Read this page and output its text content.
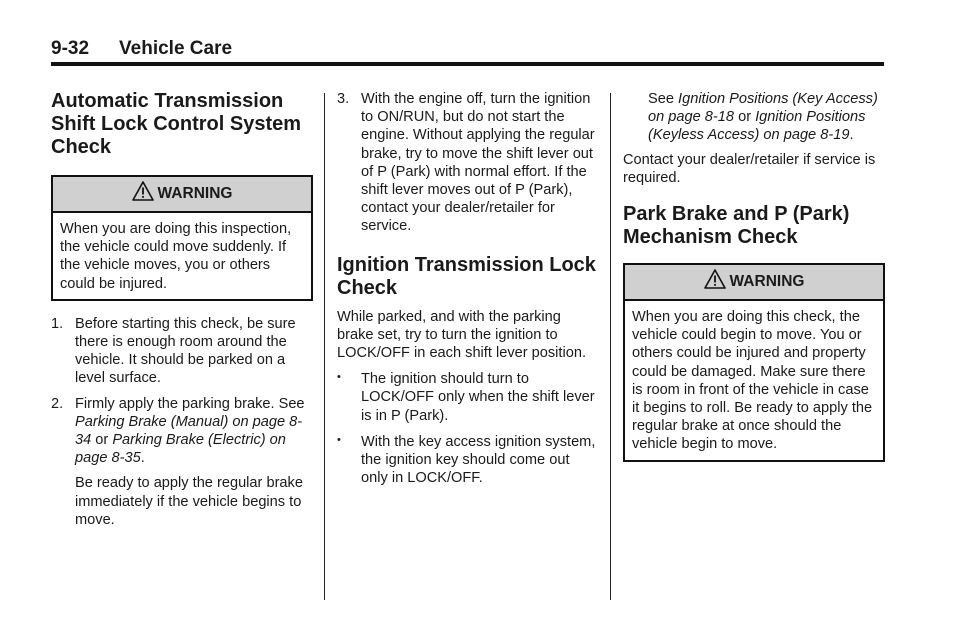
9-32 Vehicle Care
Automatic Transmission Shift Lock Control System Check
WARNING
When you are doing this inspection, the vehicle could move suddenly. If the vehicle moves, you or others could be injured.
1. Before starting this check, be sure there is enough room around the vehicle. It should be parked on a level surface.
2. Firmly apply the parking brake. See Parking Brake (Manual) on page 8-34 or Parking Brake (Electric) on page 8-35.
Be ready to apply the regular brake immediately if the vehicle begins to move.
3. With the engine off, turn the ignition to ON/RUN, but do not start the engine. Without applying the regular brake, try to move the shift lever out of P (Park) with normal effort. If the shift lever moves out of P (Park), contact your dealer/retailer for service.
Ignition Transmission Lock Check

While parked, and with the parking brake set, try to turn the ignition to LOCK/OFF in each shift lever position.

• The ignition should turn to LOCK/OFF only when the shift lever is in P (Park).
• With the key access ignition system, the ignition key should come out only in LOCK/OFF.
See Ignition Positions (Key Access) on page 8-18 or Ignition Positions (Keyless Access) on page 8-19.

Contact your dealer/retailer if service is required.

Park Brake and P (Park) Mechanism Check
WARNING
When you are doing this check, the vehicle could begin to move. You or others could be injured and property could be damaged. Make sure there is room in front of the vehicle in case it begins to roll. Be ready to apply the regular brake at once should the vehicle begin to move.
